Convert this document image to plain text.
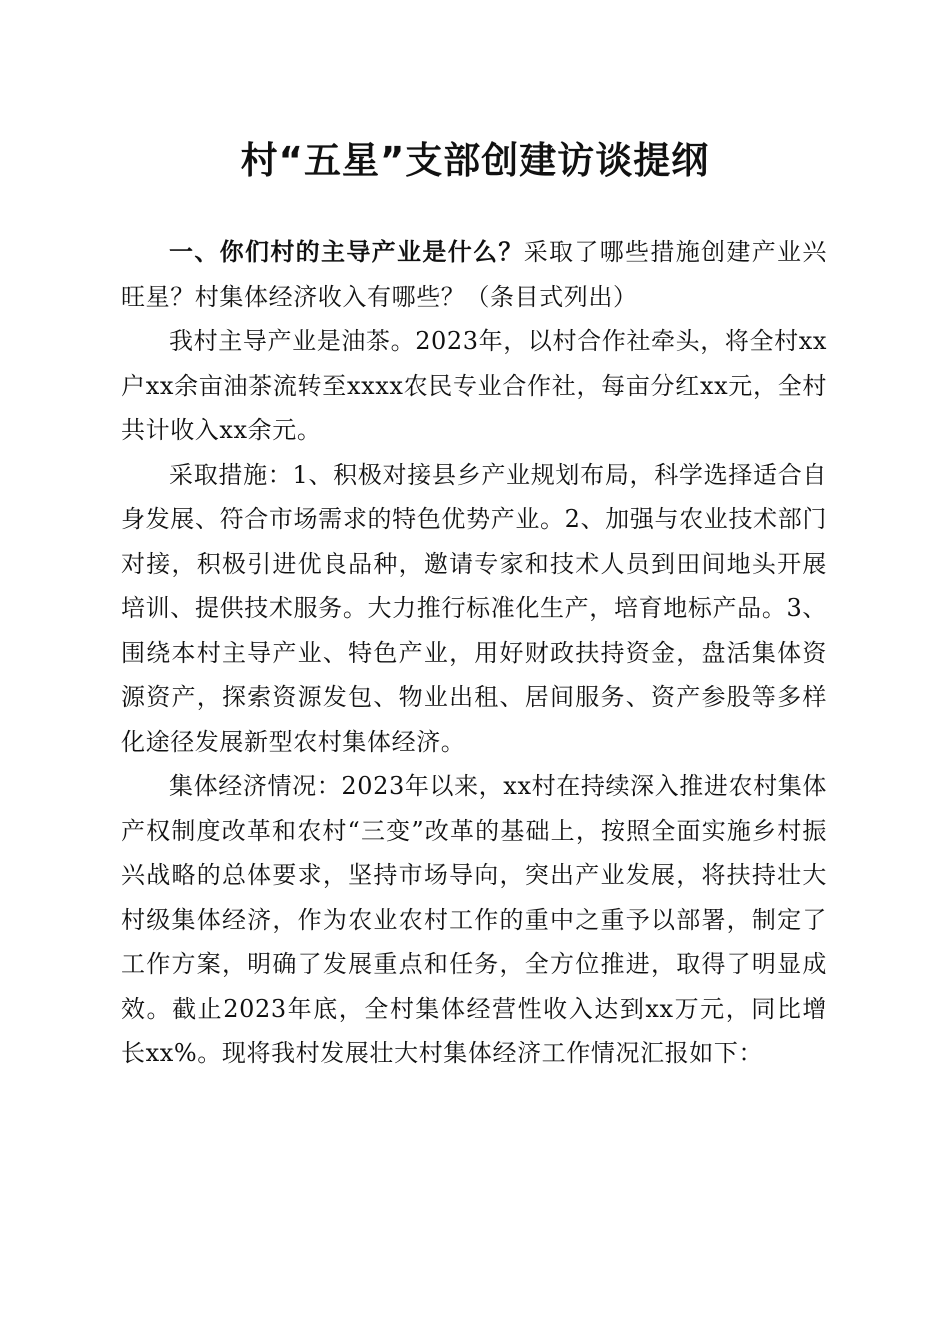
村“五星”支部创建访谈提纲

一、你们村的主导产业是什么？采取了哪些措施创建产业兴旺星？村集体经济收入有哪些？（条目式列出）

我村主导产业是油茶。2023年，以村合作社牵头，将全村xx户xx余亩油茶流转至xxxx农民专业合作社，每亩分红xx元，全村共计收入xx余元。

采取措施：1、积极对接县乡产业规划布局，科学选择适合自身发展、符合市场需求的特色优势产业。2、加强与农业技术部门对接，积极引进优良品种，邀请专家和技术人员到田间地头开展培训、提供技术服务。大力推行标准化生产，培育地标产品。3、围绕本村主导产业、特色产业，用好财政扶持资金，盘活集体资源资产，探索资源发包、物业出租、居间服务、资产参股等多样化途径发展新型农村集体经济。

集体经济情况：2023年以来，xx村在持续深入推进农村集体产权制度改革和农村“三变”改革的基础上，按照全面实施乡村振兴战略的总体要求，坚持市场导向，突出产业发展，将扶持壮大村级集体经济，作为农业农村工作的重中之重予以部署，制定了工作方案，明确了发展重点和任务，全方位推进，取得了明显成效。截止2023年底，全村集体经营性收入达到xx万元，同比增长xx%。现将我村发展壮大村集体经济工作情况汇报如下：
